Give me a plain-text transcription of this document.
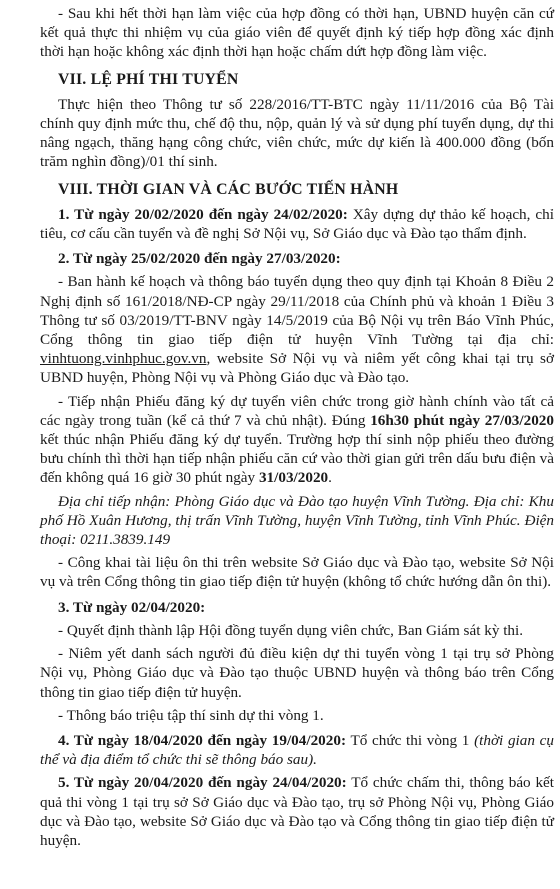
- Sau khi hết thời hạn làm việc của hợp đồng có thời hạn, UBND huyện căn cứ kết quả thực thi nhiệm vụ của giáo viên để quyết định ký tiếp hợp đồng xác định thời hạn hoặc không xác định thời hạn hoặc chấm dứt hợp đồng làm việc.

VII. LỆ PHÍ THI TUYỂN

Thực hiện theo Thông tư số 228/2016/TT-BTC ngày 11/11/2016 của Bộ Tài chính quy định mức thu, chế độ thu, nộp, quản lý và sử dụng phí tuyển dụng, dự thi nâng ngạch, thăng hạng công chức, viên chức, mức dự kiến là 400.000 đồng (bốn trăm nghìn đồng)/01 thí sinh.

VIII. THỜI GIAN VÀ CÁC BƯỚC TIẾN HÀNH

1. Từ ngày 20/02/2020 đến ngày 24/02/2020: Xây dựng dự thảo kế hoạch, chỉ tiêu, cơ cấu cần tuyển và đề nghị Sở Nội vụ, Sở Giáo dục và Đào tạo thẩm định.

2. Từ ngày 25/02/2020 đến ngày 27/03/2020:

- Ban hành kế hoạch và thông báo tuyển dụng theo quy định tại Khoản 8 Điều 2 Nghị định số 161/2018/NĐ-CP ngày 29/11/2018 của Chính phủ và khoản 1 Điều 3 Thông tư số 03/2019/TT-BNV ngày 14/5/2019 của Bộ Nội vụ trên Báo Vĩnh Phúc, Cổng thông tin giao tiếp điện tử huyện Vĩnh Tường tại địa chỉ: vinhtuong.vinhphuc.gov.vn, website Sở Nội vụ và niêm yết công khai tại trụ sở UBND huyện, Phòng Nội vụ và Phòng Giáo dục và Đào tạo.

- Tiếp nhận Phiếu đăng ký dự tuyển viên chức trong giờ hành chính vào tất cả các ngày trong tuần (kể cả thứ 7 và chủ nhật). Đúng 16h30 phút ngày 27/03/2020 kết thúc nhận Phiếu đăng ký dự tuyển. Trường hợp thí sinh nộp phiếu theo đường bưu chính thì thời hạn tiếp nhận phiếu căn cứ vào thời gian gửi trên dấu bưu điện và đến không quá 16 giờ 30 phút ngày 31/03/2020.

Địa chỉ tiếp nhận: Phòng Giáo dục và Đào tạo huyện Vĩnh Tường. Địa chỉ: Khu phố Hồ Xuân Hương, thị trấn Vĩnh Tường, huyện Vĩnh Tường, tỉnh Vĩnh Phúc. Điện thoại: 0211.3839.149

- Công khai tài liệu ôn thi trên website Sở Giáo dục và Đào tạo, website Sở Nội vụ và trên Cổng thông tin giao tiếp điện tử huyện (không tổ chức hướng dẫn ôn thi).

3. Từ ngày 02/04/2020:

- Quyết định thành lập Hội đồng tuyển dụng viên chức, Ban Giám sát kỳ thi.

- Niêm yết danh sách người đủ điều kiện dự thi tuyển vòng 1 tại trụ sở Phòng Nội vụ, Phòng Giáo dục và Đào tạo thuộc UBND huyện và thông báo trên Cổng thông tin giao tiếp điện tử huyện.

- Thông báo triệu tập thí sinh dự thi vòng 1.

4. Từ ngày 18/04/2020 đến ngày 19/04/2020: Tổ chức thi vòng 1 (thời gian cụ thể và địa điểm tổ chức thi sẽ thông báo sau).

5. Từ ngày 20/04/2020 đến ngày 24/04/2020: Tổ chức chấm thi, thông báo kết quả thi vòng 1 tại trụ sở Sở Giáo dục và Đào tạo, trụ sở Phòng Nội vụ, Phòng Giáo dục và Đào tạo, website Sở Giáo dục và Đào tạo và Cổng thông tin giao tiếp điện tử huyện.
